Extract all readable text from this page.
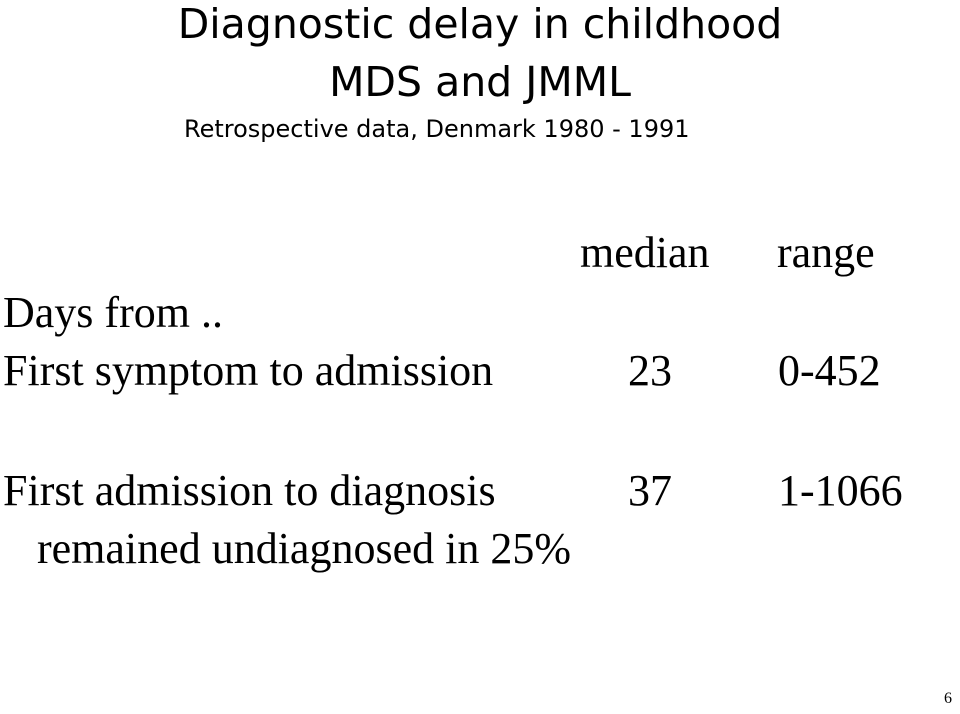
Diagnostic delay in childhood
MDS and JMML
Retrospective data, Denmark 1980 - 1991
median range
Days from ..
First symptom to admission	23 0-452
First admission to diagnosis	37 1-1066
remained undiagnosed in 25%
6
